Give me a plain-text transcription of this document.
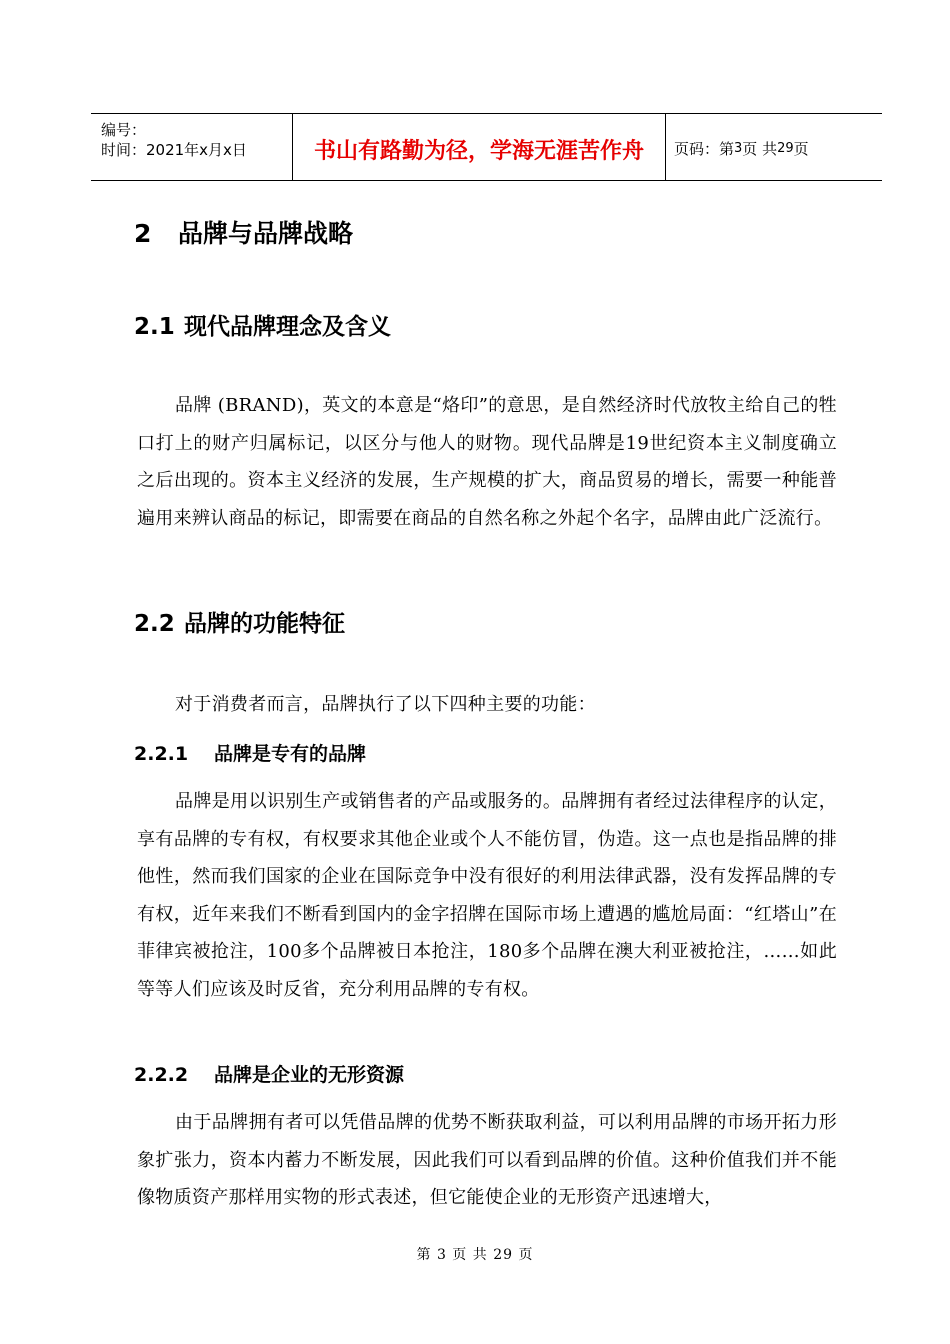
编号：
时间：2021年x月x日	书山有路勤为径，学海无涯苦作舟	页码：第 3 页 共 29 页
2 品牌与品牌战略
2.1 现代品牌理念及含义
品牌 (BRAND)，英文的本意是“烙印”的意思，是自然经济时代放牧主给自己的牲口打上的财产归属标记，以区分与他人的财物。现代品牌是19世纪资本主义制度确立之后出现的。资本主义经济的发展，生产规模的扩大，商品贸易的增长，需要一种能普遍用来辨认商品的标记，即需要在商品的自然名称之外起个名字，品牌由此广泛流行。
2.2 品牌的功能特征
对于消费者而言，品牌执行了以下四种主要的功能：
2.2.1 品牌是专有的品牌
品牌是用以识别生产或销售者的产品或服务的。品牌拥有者经过法律程序的认定，享有品牌的专有权，有权要求其他企业或个人不能仿冒，伪造。这一点也是指品牌的排他性，然而我们国家的企业在国际竞争中没有很好的利用法律武器，没有发挥品牌的专有权，近年来我们不断看到国内的金字招牌在国际市场上遭遇的尴尬局面：“红塔山”在菲律宾被抢注，100多个品牌被日本抢注，180多个品牌在澳大利亚被抢注，……如此等等人们应该及时反省，充分利用品牌的专有权。
2.2.2 品牌是企业的无形资源
由于品牌拥有者可以凭借品牌的优势不断获取利益，可以利用品牌的市场开拓力形象扩张力，资本内蓄力不断发展，因此我们可以看到品牌的价值。这种价值我们并不能像物质资产那样用实物的形式表述，但它能使企业的无形资产迅速增大，
第 3 页 共 29 页
